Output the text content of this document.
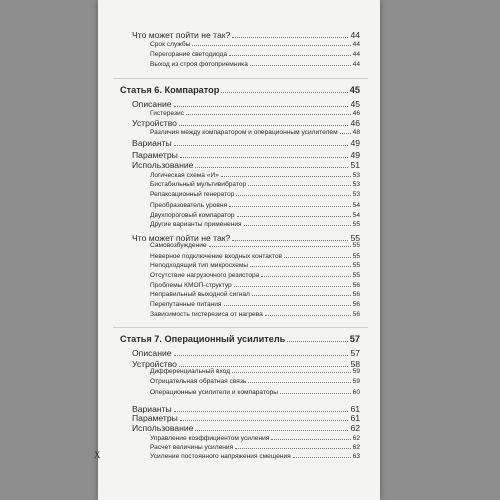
Что может пойти не так?	44
Срок службы	44
Перегорание светодиода	44
Выход из строя фотоприемника	44
Статья 6. Компаратор	45
Описание	45
Гистерезис	46
Устройство	46
Различия между компаратором и операционным усилителем 48
Варианты	49
Параметры	49
Использование	51
Логическая схема «И»	53
Бистабильный мультивибратор	53
Релаксационный генератор	53
Преобразователь уровня	54
Двухпороговый компаратор	54
Другие варианты применения	55
Что может пойти не так?	55
Самовозбуждение	55
Неверное подключение входных контактов	55
Неподходящий тип микросхемы	55
Отсутствие нагрузочного резистора	55
Проблемы КМОП-структур	56
Неправильный выходной сигнал	56
Перепутанные питания	56
Зависимость гистерезиса от нагрева	56
Статья 7. Операционный усилитель	57
Описание	57
Устройство	58
Дифференциальный вход	59
Отрицательная обратная связь	59
Операционные усилители и компараторы	60
Варианты	61
Параметры	61
Использование	62
Управление коэффициентом усиления	62
Расчет величины усиления	62
Усиление постоянного напряжения смещения	63
X
